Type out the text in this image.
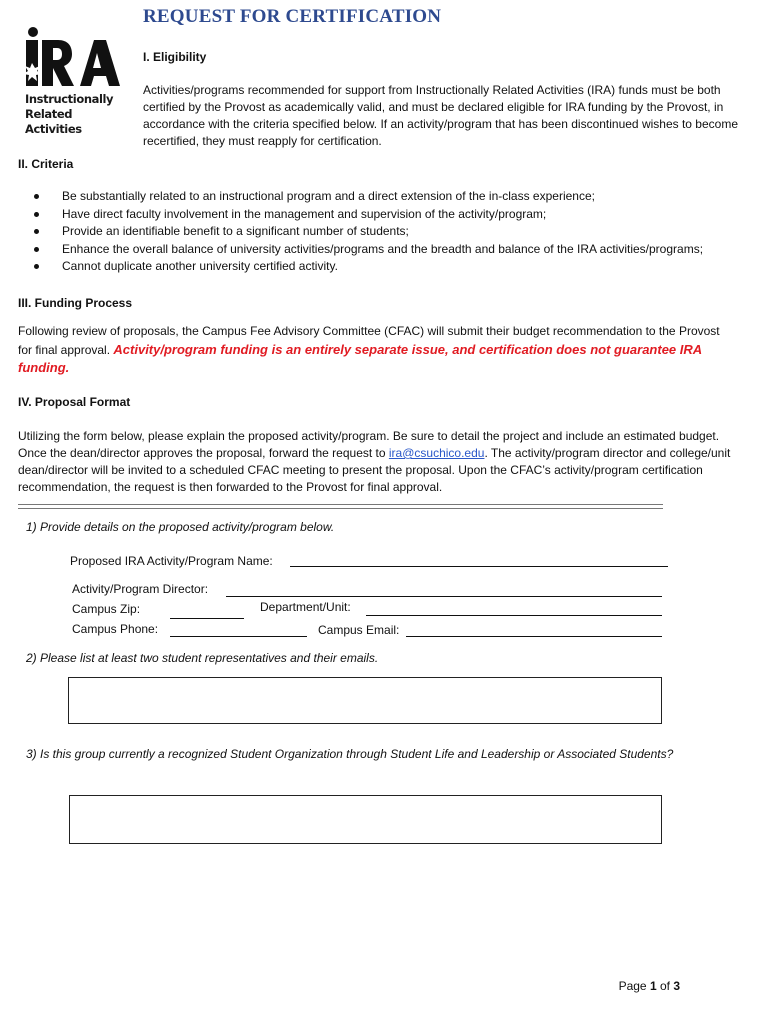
REQUEST FOR CERTIFICATION
Instructionally
Related
Activities
I. Eligibility
Activities/programs recommended for support from Instructionally Related Activities (IRA) funds must be both certified by the Provost as academically valid, and must be declared eligible for IRA funding by the Provost, in accordance with the criteria specified below. If an activity/program that has been discontinued wishes to become recertified, they must reapply for certification.
II. Criteria
Be substantially related to an instructional program and a direct extension of the in-class experience;
Have direct faculty involvement in the management and supervision of the activity/program;
Provide an identifiable benefit to a significant number of students;
Enhance the overall balance of university activities/programs and the breadth and balance of the IRA activities/programs;
Cannot duplicate another university certified activity.
III. Funding Process
Following review of proposals, the Campus Fee Advisory Committee (CFAC) will submit their budget recommendation to the Provost for final approval. Activity/program funding is an entirely separate issue, and certification does not guarantee IRA funding.
IV. Proposal Format
Utilizing the form below, please explain the proposed activity/program. Be sure to detail the project and include an estimated budget. Once the dean/director approves the proposal, forward the request to ira@csuchico.edu. The activity/program director and college/unit dean/director will be invited to a scheduled CFAC meeting to present the proposal. Upon the CFAC’s activity/program certification recommendation, the request is then forwarded to the Provost for final approval.
1) Provide details on the proposed activity/program below.
Proposed IRA Activity/Program Name:
Activity/Program Director:
Campus Zip:	Department/Unit:
Campus Phone:	Campus Email:
2) Please list at least two student representatives and their emails.
3) Is this group currently a recognized Student Organization through Student Life and Leadership or Associated Students?
Page 1 of 3
